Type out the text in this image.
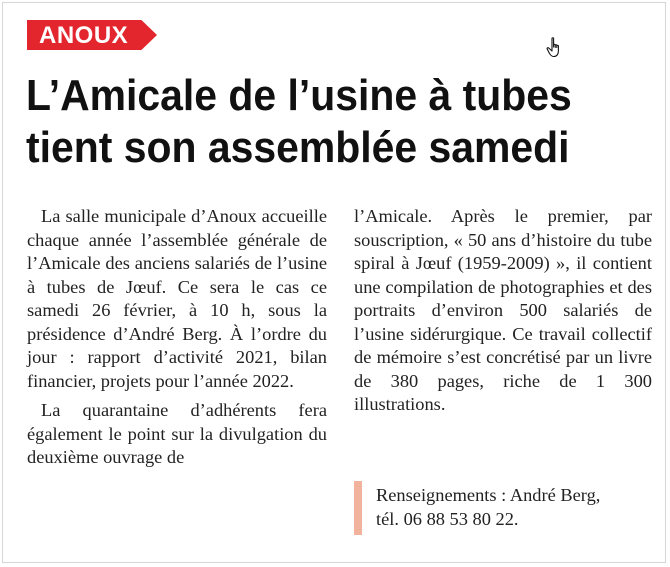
ANOUX
L’Amicale de l’usine à tubes
tient son assemblée samedi

La salle municipale d’Anoux accueille chaque année l’assemblée générale de l’Amicale des anciens salariés de l’usine à tubes de Jœuf. Ce sera le cas ce samedi 26 février, à 10 h, sous la présidence d’André Berg. À l’ordre du jour : rapport d’activité 2021, bilan financier, projets pour l’année 2022.

La quarantaine d’adhérents fera également le point sur la divulgation du deuxième ouvrage de

l’Amicale. Après le premier, par souscription, « 50 ans d’histoire du tube spiral à Jœuf (1959-2009) », il contient une compilation de photographies et des portraits d’environ 500 salariés de l’usine sidérurgique. Ce travail collectif de mémoire s’est concrétisé par un livre de 380 pages, riche de 1 300 illustrations.

Renseignements : André Berg,
tél. 06 88 53 80 22.
